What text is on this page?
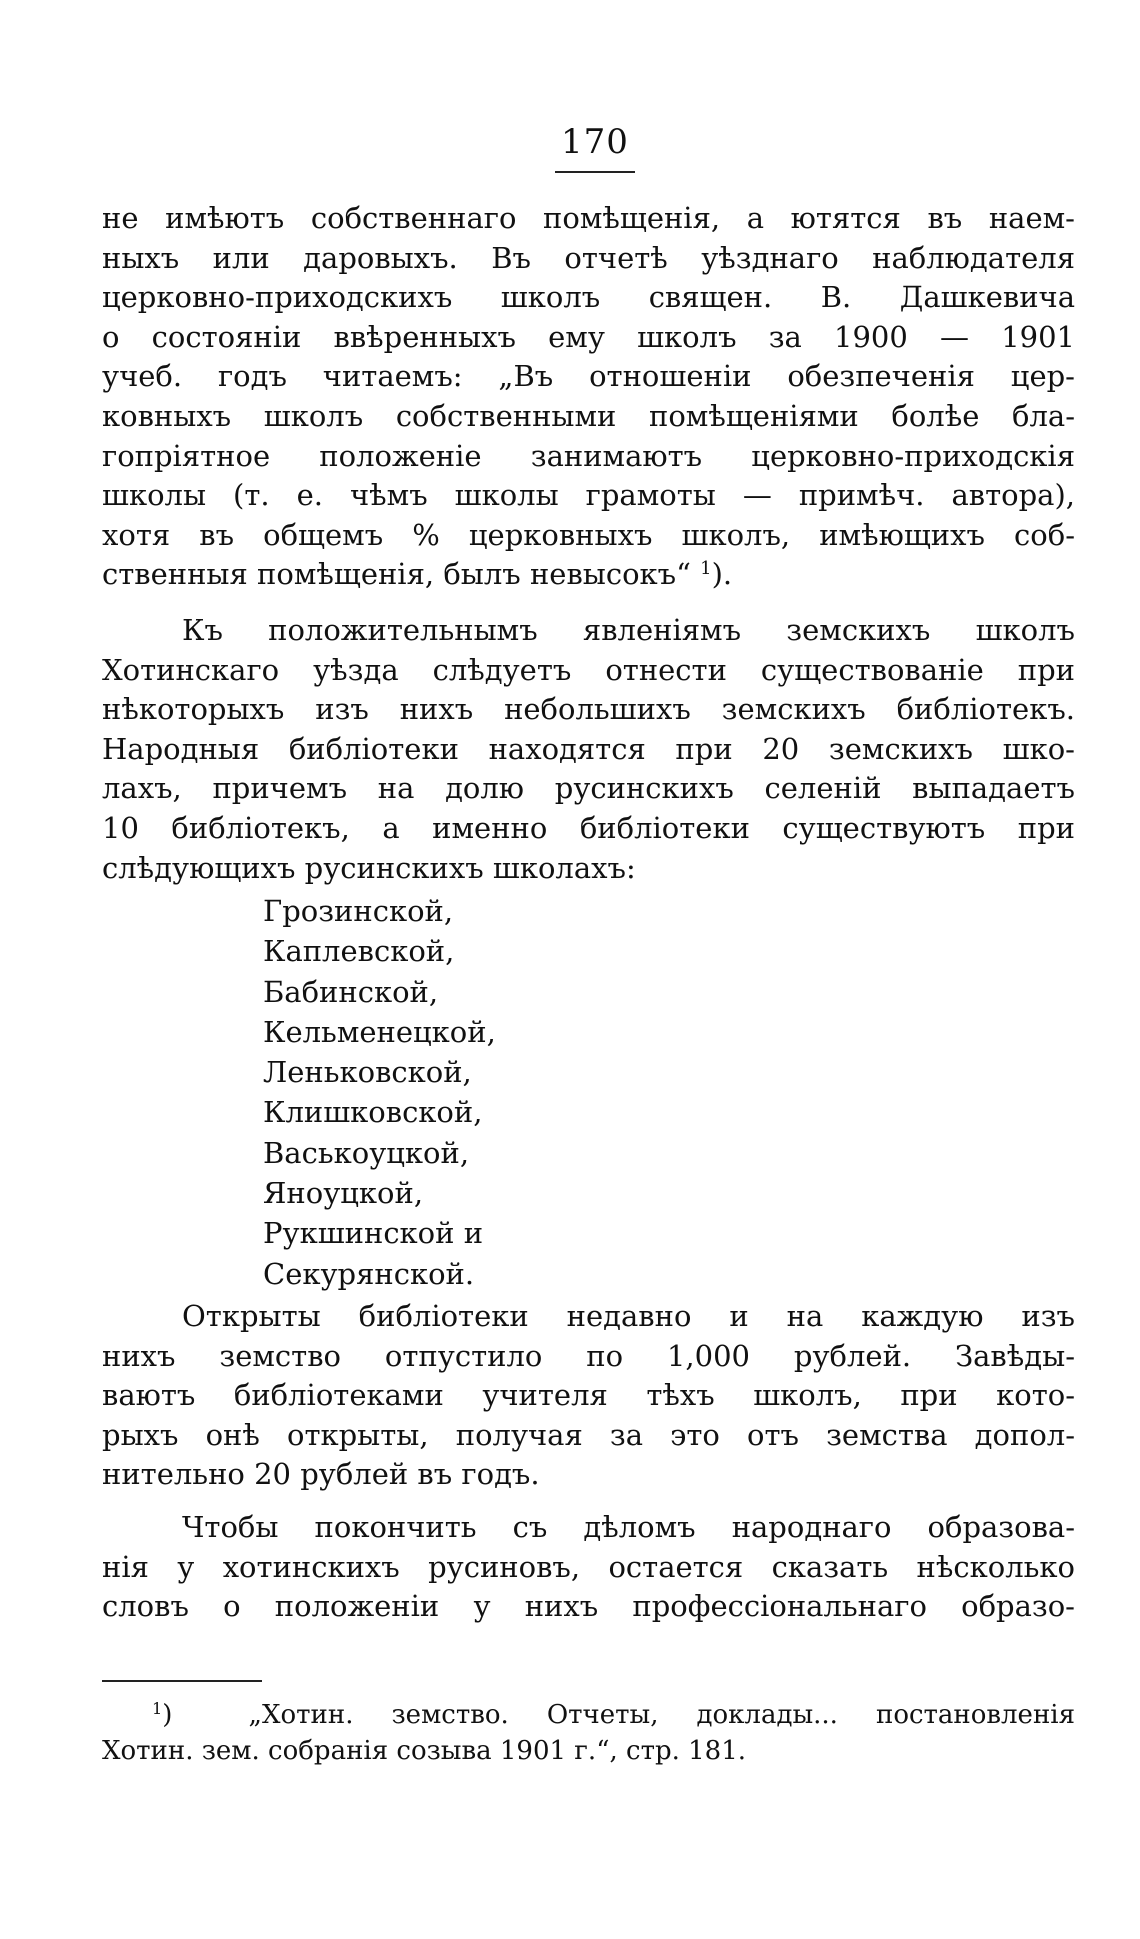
170
не имѣютъ собственнаго помѣщенія, а ютятся въ наем-
ныхъ или даровыхъ. Въ отчетѣ уѣзднаго наблюдателя
церковно-приходскихъ школъ священ. В. Дашкевича
о состояніи ввѣренныхъ ему школъ за 1900 — 1901
учеб. годъ читаемъ: „Въ отношеніи обезпеченія цер-
ковныхъ школъ собственными помѣщеніями болѣе бла-
гопріятное положеніе занимаютъ церковно-приходскія
школы (т. е. чѣмъ школы грамоты — примѣч. автора),
хотя въ общемъ % церковныхъ школъ, имѣющихъ соб-
ственныя помѣщенія, былъ невысокъ“ $^1$).
Къ положительнымъ явленіямъ земскихъ школъ
Хотинскаго уѣзда слѣдуетъ отнести существованіе при
нѣкоторыхъ изъ нихъ небольшихъ земскихъ библіотекъ.
Народныя библіотеки находятся при 20 земскихъ шко-
лахъ, причемъ на долю русинскихъ селеній выпадаетъ
10 библіотекъ, а именно библіотеки существуютъ при
слѣдующихъ русинскихъ школахъ:
Грозинской,
Каплевской,
Бабинской,
Кельменецкой,
Леньковской,
Клишковской,
Васькоуцкой,
Яноуцкой,
Рукшинской и
Секурянской.
Открыты библіотеки недавно и на каждую изъ
нихъ земство отпустило по 1,000 рублей. Завѣды-
ваютъ библіотеками учителя тѣхъ школъ, при кото-
рыхъ онѣ открыты, получая за это отъ земства допол-
нительно 20 рублей въ годъ.
Чтобы покончить съ дѣломъ народнаго образова-
нія у хотинскихъ русиновъ, остается сказать нѣсколько
словъ о положеніи у нихъ профессіональнаго образо-
$^1$)	„Хотин. земство. Отчеты, доклады... постановленія
Хотин. зем. собранія созыва 1901 г.“, стр. 181.
